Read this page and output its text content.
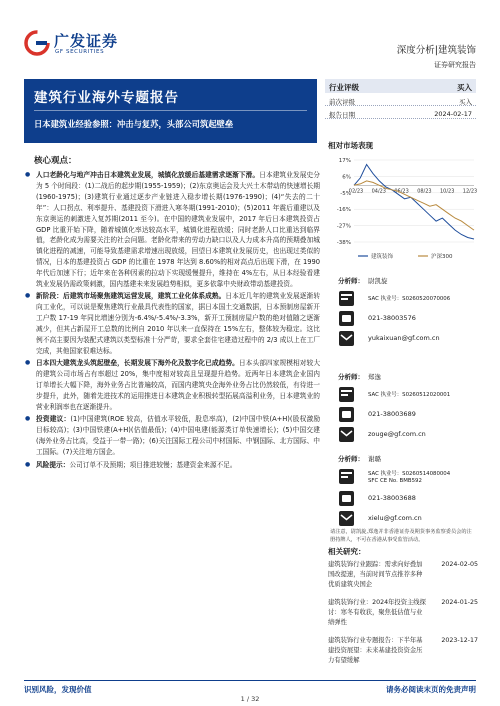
广发证券
GF SECURITIES	深度分析|建筑装饰
证券研究报告
建筑行业海外专题报告
日本建筑业经验参照：冲击与复苏，头部公司筑起壁垒
行业评级	买入
前次评级	买入
报告日期	2024-02-17
相对市场表现
17%
6%
-5%
-16%
-27%
-38%
02/23 04/23 06/23 08/23 10/23 12/23
建筑装饰	沪深300
核心观点：
● 人口老龄化与地产冲击日本建筑业发展，城镇化放缓后基建需求逐渐下滑。日本建筑业发展史分为 5 个时间段：(1)二战后的起步期(1955-1959)；(2)东京奥运会及大兴土木带动的快速增长期(1960-1975)；(3)建筑行业通过逐步产业链进入稳步增长期(1976-1990)；(4)“失去的二十年”：人口拐点、利率提升、基建投资下滑进入寒冬期(1991-2010)；(5)2011 年震后重建以及东京奥运的刺激进入复苏期(2011 至今)。在中国的建筑业发展中，2017 年后日本建筑投资占 GDP 比重开始下降，随着城镇化率达较高水平，城镇化进程放缓；同时老龄人口比重达到临界值，老龄化成为需要关注的社会问题。老龄化带来的劳动力缺口以及人力成本升高的预期叠加城镇化进程的减速，可能导致基建需求增速出现放缓，回望日本建筑业发展历史，也出现过类似的情况，日本的基建投资占 GDP 的比重在 1978 年达到 8.60%的相对高点后出现下滑，在 1990 年代后加速下行；近年来在各种因素的拉动下实现缓慢提升，维持在 4%左右，从日本经验看建筑业发展仍需政策刺激，国内基建未来发展趋势相似，更多依靠中央财政带动基建投资。
● 新阶段：后建筑市场聚焦建筑运营发展，建筑工业化体系成熟。日本近几年的建筑业发展逐渐转向工业化，可以说是聚焦建筑行业最具代表性的国家，据日本国土交通数据，日本预制房屋新开工户数 17-19 年同比增速分别为-6.4%/-5.4%/-3.3%，新开工预制房屋户数的绝对值随之逐渐减少，但其占新屋开工总数的比例自 2010 年以来一直保持在 15%左右，整体较为稳定。这比例不高主要因为装配式建筑以类型标准十分严苛，要求全套住宅建造过程中的 2/3 成以上在工厂完成，其他国家很难达标。
● 日本四大建筑龙头筑起壁垒，长期发展下海外化及数字化已成趋势。日本头部四家规模相对较大的建筑公司市场占有率超过 20%，集中度相对较高且呈现提升趋势。近两年日本建筑企业国内订单增长大幅下降，海外业务占比普遍较高，而国内建筑央企海外业务占比仍然较低，有待进一步提升，此外，随着先进技术的运用推进日本建筑企业积极转型拓展高溢利业务，日本建筑业的营业利润率也在逐渐提升。
● 投资建议：(1)中国建筑(ROE 较高，估值水平较低，股息率高)，(2)中国中铁(A+H)(股权激励目标较高)；(3)中国铁建(A+H)(估值最低)；(4)中国电建(能源类订单快速增长)；(5)中国交建(海外业务占比高，受益于一带一路)；(6)关注国际工程公司中材国际、中钢国际、北方国际、中工国际。(7)关注地方国企。
● 风险提示：公司订单不及预期；项目推进较慢；基建资金来源不足。
分析师： 尉凯旋
SAC 执业号：S0260520070006
021-38003576
yukaixuan@gf.com.cn
分析师： 郑逸
SAC 执业号：S0260512020001
021-38003689
zouge@gf.com.cn
分析师： 谢璐
SAC 执业号：S0260514080004
SFC CE No. BMB592
021-38003688
xielu@gf.com.cn
请注意，尉凯旋,郑逸并非香港证券及期货事务监察委员会的注册持牌人，不可在香港从事受监管活动。
相关研究：
建筑装饰行业跟踪：需求向好叠加国改提速，当前时间节点推荐多种优质建筑央国企
2024-02-05
建筑装饰行业：2024年投资主线探讨：寒冬有收获，聚焦低估值与业绩弹性
2024-01-25
建筑装饰行业专题报告：下半年基建投资展望：未来基建投资资金压力有望缓解
2023-12-17
识别风险，发现价值	请务必阅读末页的免责声明
1 / 32
